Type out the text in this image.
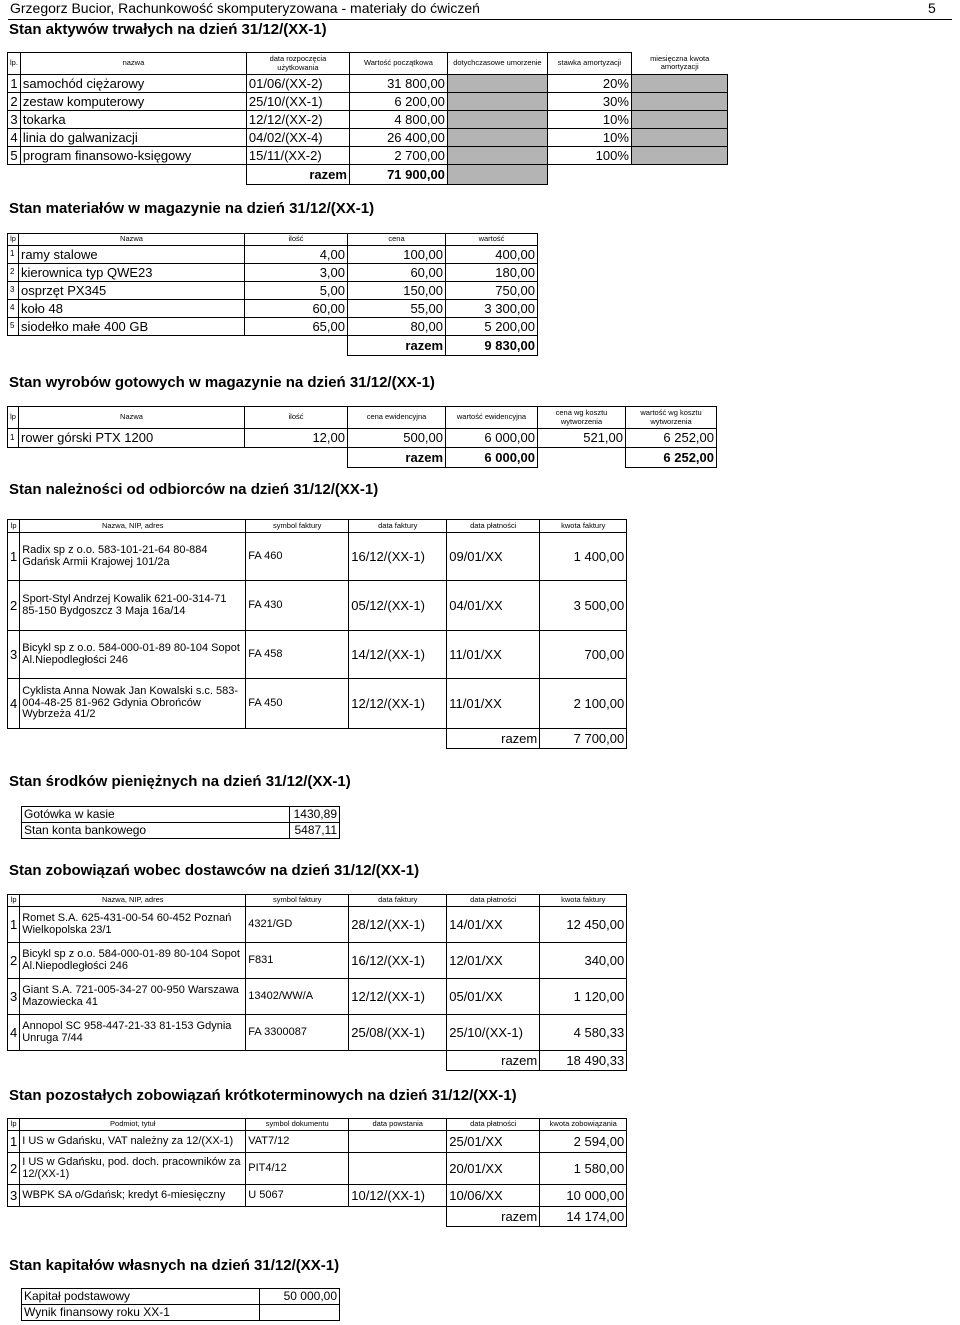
Grzegorz Bucior, Rachunkowość skomputeryzowana - materiały do ćwiczeń	5
Stan aktywów trwałych na dzień 31/12/(XX-1)
lp.	nazwa	data rozpoczęcia użytkowania	Wartość początkowa	dotychczasowe umorzenie	stawka amortyzacji	miesięczna kwota amortyzacji
1	samochód ciężarowy	01/06/(XX-2)	31 800,00		20%	
2	zestaw komputerowy	25/10/(XX-1)	6 200,00		30%	
3	tokarka	12/12/(XX-2)	4 800,00		10%	
4	linia do galwanizacji	04/02/(XX-4)	26 400,00		10%	
5	program finansowo-księgowy	15/11/(XX-2)	2 700,00		100%	
		razem	71 900,00			
Stan materiałów w magazynie na dzień 31/12/(XX-1)
lp	Nazwa	ilość	cena	wartość
1	ramy stalowe	4,00	100,00	400,00
2	kierownica typ QWE23	3,00	60,00	180,00
3	osprzęt PX345	5,00	150,00	750,00
4	koło 48	60,00	55,00	3 300,00
5	siodełko małe 400 GB	65,00	80,00	5 200,00
			razem	9 830,00
Stan wyrobów gotowych w magazynie na dzień 31/12/(XX-1)
lp	Nazwa	ilość	cena ewidencyjna	wartość ewidencyjna	cena wg kosztu wytworzenia	wartość wg kosztu wytworzenia
1	rower górski PTX 1200	12,00	500,00	6 000,00	521,00	6 252,00
			razem	6 000,00		6 252,00
Stan należności od odbiorców na dzień 31/12/(XX-1)
lp	Nazwa, NIP, adres	symbol faktury	data faktury	data płatności	kwota faktury
1	Radix sp z o.o. 583-101-21-64 80-884 Gdańsk Armii Krajowej 101/2a	FA 460	16/12/(XX-1)	09/01/XX	1 400,00
2	Sport-Styl Andrzej Kowalik 621-00-314-71 85-150 Bydgoszcz 3 Maja 16a/14	FA 430	05/12/(XX-1)	04/01/XX	3 500,00
3	Bicykl sp z o.o. 584-000-01-89 80-104 Sopot Al.Niepodległości 246	FA 458	14/12/(XX-1)	11/01/XX	700,00
4	Cyklista Anna Nowak Jan Kowalski s.c. 583-004-48-25 81-962 Gdynia Obrońców Wybrzeża 41/2	FA 450	12/12/(XX-1)	11/01/XX	2 100,00
				razem	7 700,00
Stan środków pieniężnych na dzień 31/12/(XX-1)
Gotówka w kasie	1430,89
Stan konta bankowego	5487,11
Stan zobowiązań wobec dostawców na dzień 31/12/(XX-1)
lp	Nazwa, NIP, adres	symbol faktury	data faktury	data płatności	kwota faktury
1	Romet S.A. 625-431-00-54 60-452 Poznań Wielkopolska 23/1	4321/GD	28/12/(XX-1)	14/01/XX	12 450,00
2	Bicykl sp z o.o. 584-000-01-89 80-104 Sopot Al.Niepodległości 246	F831	16/12/(XX-1)	12/01/XX	340,00
3	Giant S.A. 721-005-34-27 00-950 Warszawa Mazowiecka 41	13402/WW/A	12/12/(XX-1)	05/01/XX	1 120,00
4	Annopol SC 958-447-21-33 81-153 Gdynia Unruga 7/44	FA 3300087	25/08/(XX-1)	25/10/(XX-1)	4 580,33
				razem	18 490,33
Stan pozostałych zobowiązań krótkoterminowych na dzień 31/12/(XX-1)
lp	Podmiot, tytuł	symbol dokumentu	data powstania	data płatności	kwota zobowiązania
1	I US w Gdańsku, VAT należny za 12/(XX-1)	VAT7/12		25/01/XX	2 594,00
2	I US w Gdańsku, pod. doch. pracowników za 12/(XX-1)	PIT4/12		20/01/XX	1 580,00
3	WBPK SA o/Gdańsk; kredyt 6-miesięczny	U 5067	10/12/(XX-1)	10/06/XX	10 000,00
				razem	14 174,00
Stan kapitałów własnych na dzień 31/12/(XX-1)
Kapitał podstawowy	50 000,00
Wynik finansowy roku XX-1	
